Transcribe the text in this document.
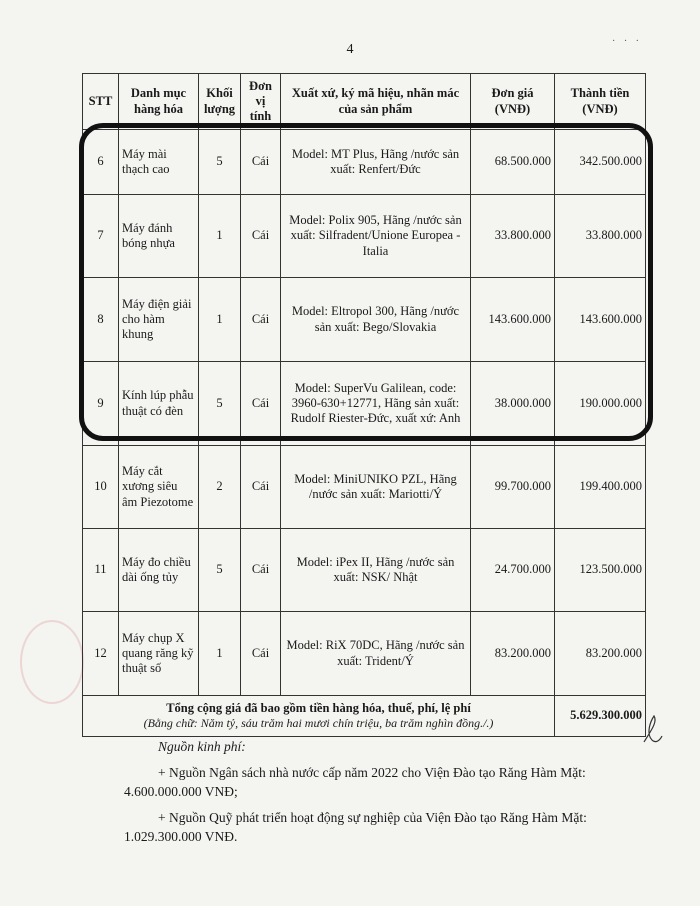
4
· · ·
STT	Danh mục hàng hóa	Khối lượng	Đơn vị tính	Xuất xứ, ký mã hiệu, nhãn mác của sản phẩm	Đơn giá (VNĐ)	Thành tiền (VNĐ)
6	Máy mài thạch cao	5	Cái	Model: MT Plus, Hãng /nước sản xuất: Renfert/Đức	68.500.000	342.500.000
7	Máy đánh bóng nhựa	1	Cái	Model: Polix 905, Hãng /nước sản xuất: Silfradent/Unione Europea -Italia	33.800.000	33.800.000
8	Máy điện giải cho hàm khung	1	Cái	Model: Eltropol 300, Hãng /nước sản xuất: Bego/Slovakia	143.600.000	143.600.000
9	Kính lúp phẫu thuật có đèn	5	Cái	Model: SuperVu Galilean, code: 3960-630+12771, Hãng sản xuất: Rudolf Riester-Đức, xuất xứ: Anh	38.000.000	190.000.000
10	Máy cắt xương siêu âm Piezotome	2	Cái	Model: MiniUNIKO PZL, Hãng /nước sản xuất: Mariotti/Ý	99.700.000	199.400.000
11	Máy đo chiều dài ống tủy	5	Cái	Model: iPex II, Hãng /nước sản xuất: NSK/ Nhật	24.700.000	123.500.000
12	Máy chụp X quang răng kỹ thuật số	1	Cái	Model: RiX 70DC, Hãng /nước sản xuất: Trident/Ý	83.200.000	83.200.000

Tổng cộng giá đã bao gồm tiền hàng hóa, thuế, phí, lệ phí
(Bằng chữ: Năm tỷ, sáu trăm hai mươi chín triệu, ba trăm nghìn đồng./.)						5.629.300.000

Nguồn kinh phí:

+ Nguồn Ngân sách nhà nước cấp năm 2022 cho Viện Đào tạo Răng Hàm Mặt: 4.600.000.000 VNĐ;

+ Nguồn Quỹ phát triển hoạt động sự nghiệp của Viện Đào tạo Răng Hàm Mặt: 1.029.300.000 VNĐ.
